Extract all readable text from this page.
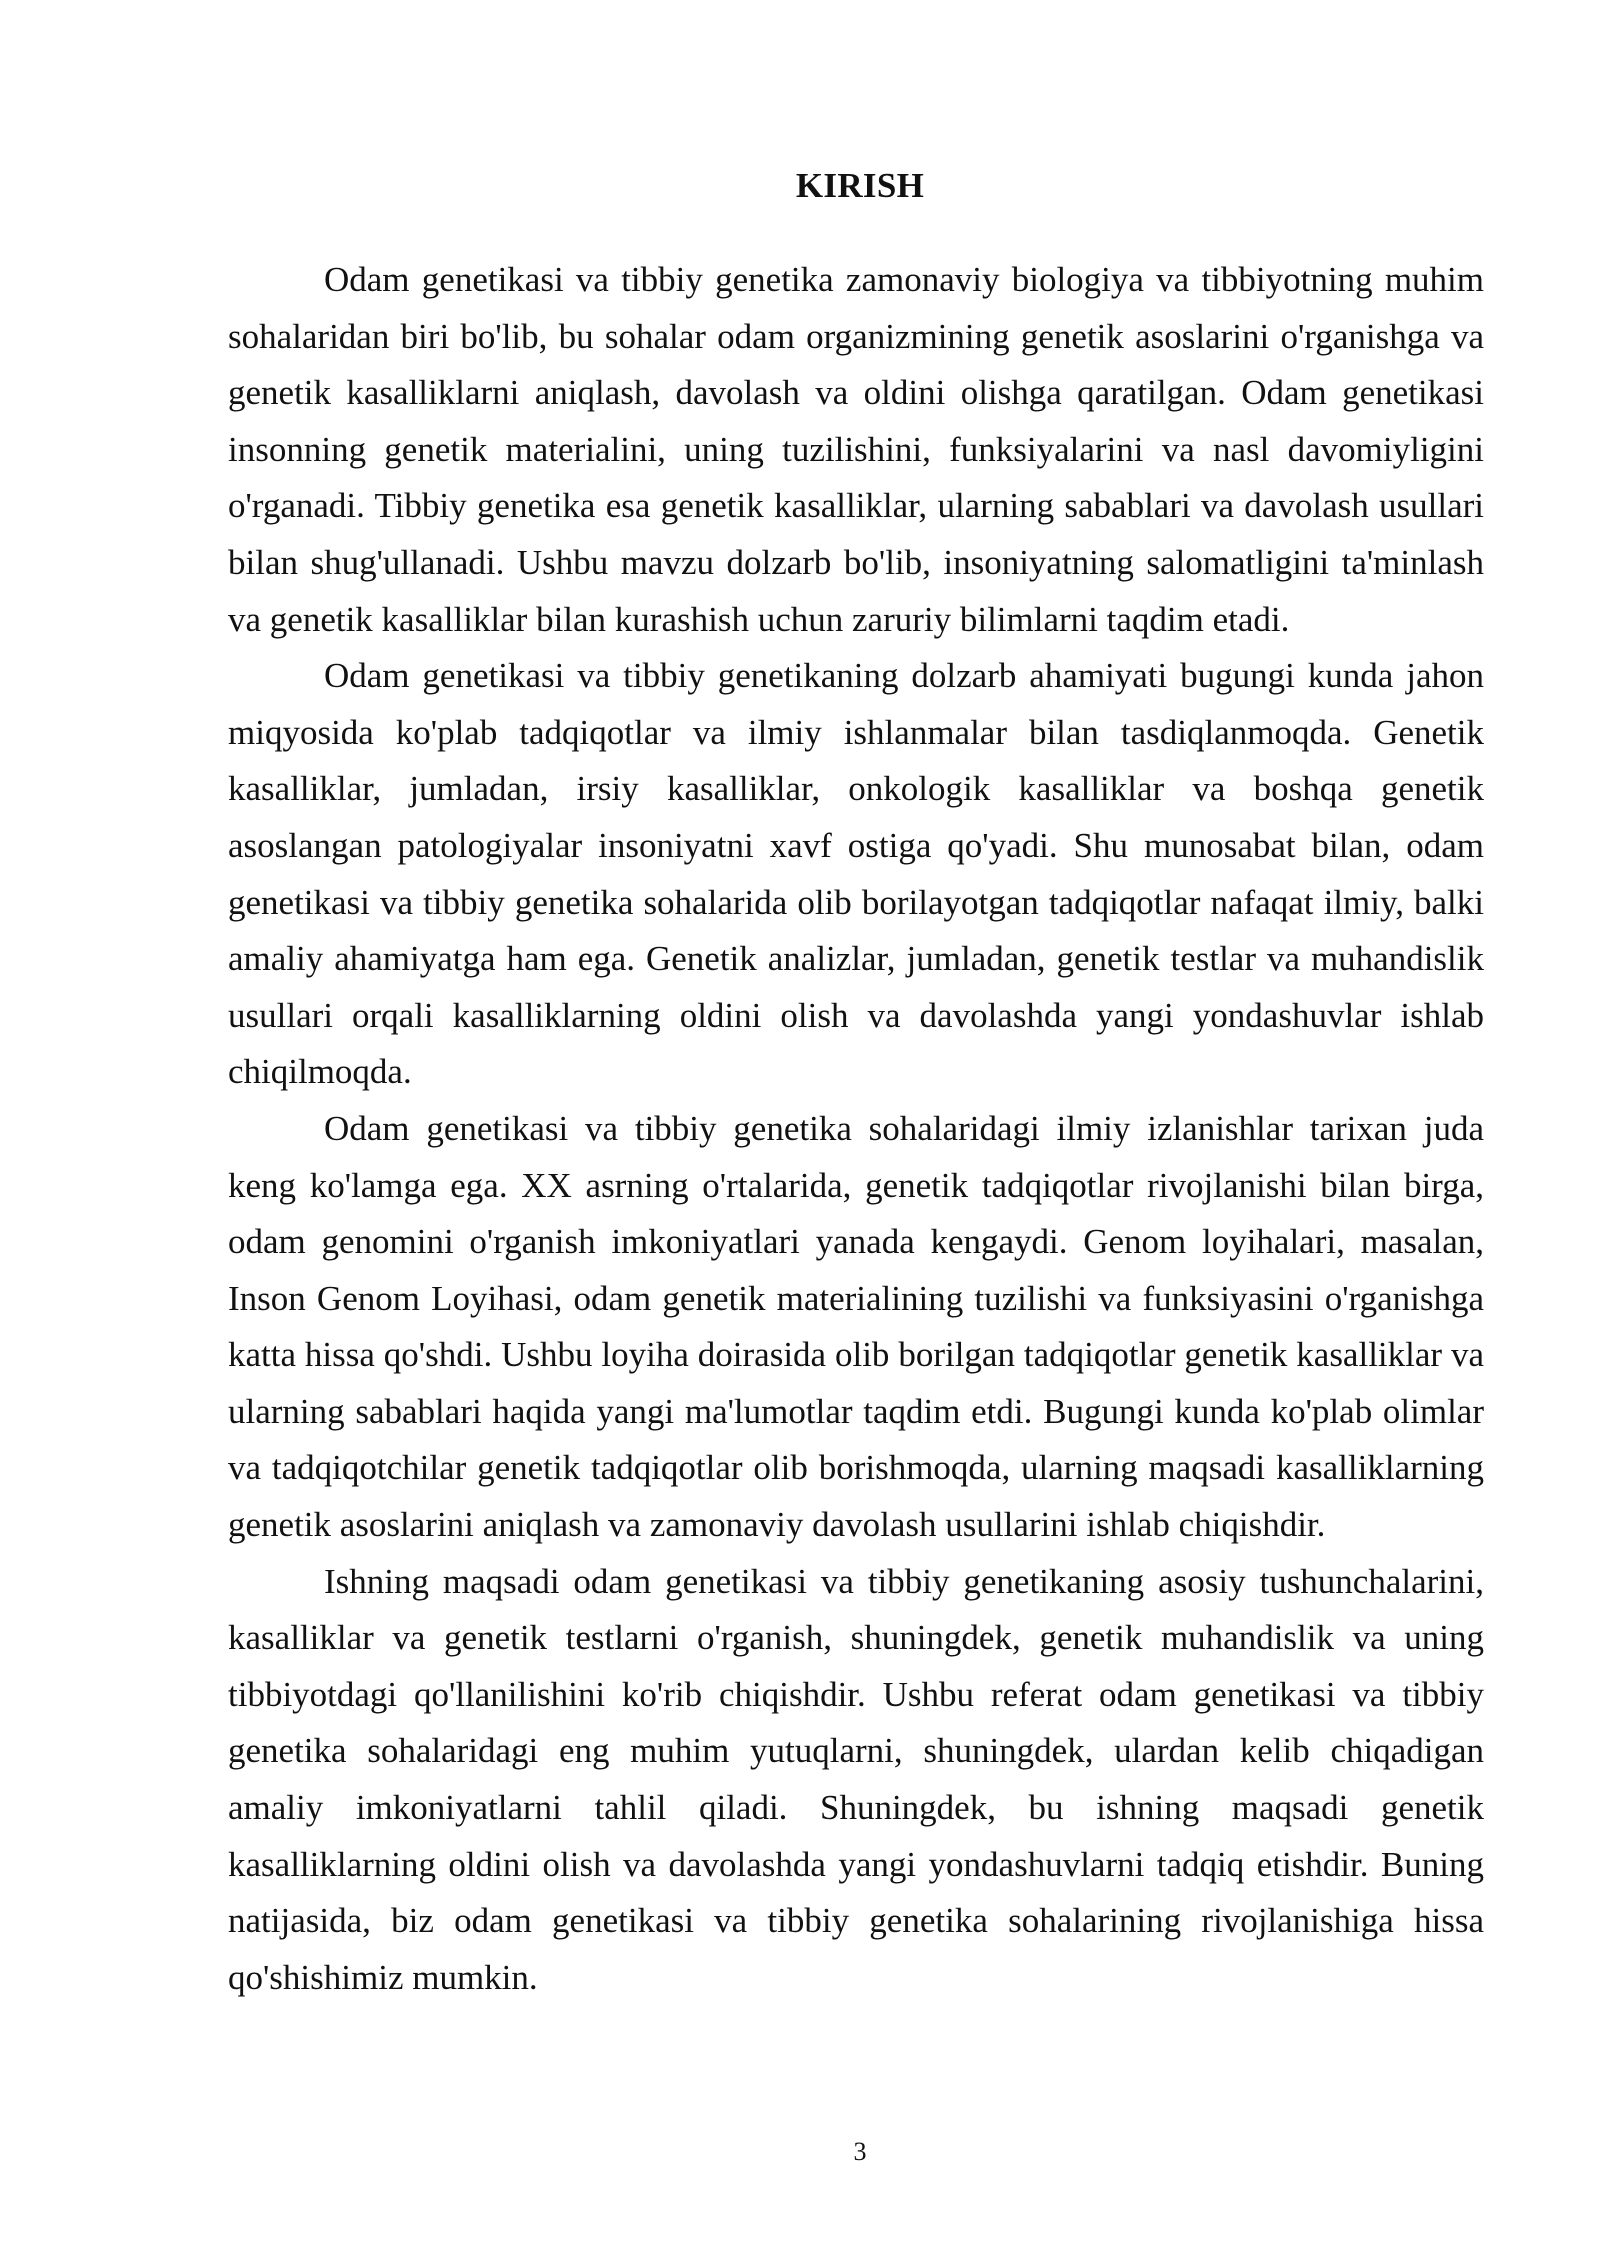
KIRISH

Odam genetikasi va tibbiy genetika zamonaviy biologiya va tibbiyotning muhim sohalaridan biri bo'lib, bu sohalar odam organizmining genetik asoslarini o'rganishga va genetik kasalliklarni aniqlash, davolash va oldini olishga qaratilgan. Odam genetikasi insonning genetik materialini, uning tuzilishini, funksiyalarini va nasl davomiyligini o'rganadi. Tibbiy genetika esa genetik kasalliklar, ularning sabablari va davolash usullari bilan shug'ullanadi. Ushbu mavzu dolzarb bo'lib, insoniyatning salomatligini ta'minlash va genetik kasalliklar bilan kurashish uchun zaruriy bilimlarni taqdim etadi.

Odam genetikasi va tibbiy genetikaning dolzarb ahamiyati bugungi kunda jahon miqyosida ko'plab tadqiqotlar va ilmiy ishlanmalar bilan tasdiqlanmoqda. Genetik kasalliklar, jumladan, irsiy kasalliklar, onkologik kasalliklar va boshqa genetik asoslangan patologiyalar insoniyatni xavf ostiga qo'yadi. Shu munosabat bilan, odam genetikasi va tibbiy genetika sohalarida olib borilayotgan tadqiqotlar nafaqat ilmiy, balki amaliy ahamiyatga ham ega. Genetik analizlar, jumladan, genetik testlar va muhandislik usullari orqali kasalliklarning oldini olish va davolashda yangi yondashuvlar ishlab chiqilmoqda.

Odam genetikasi va tibbiy genetika sohalaridagi ilmiy izlanishlar tarixan juda keng ko'lamga ega. XX asrning o'rtalarida, genetik tadqiqotlar rivojlanishi bilan birga, odam genomini o'rganish imkoniyatlari yanada kengaydi. Genom loyihalari, masalan, Inson Genom Loyihasi, odam genetik materialining tuzilishi va funksiyasini o'rganishga katta hissa qo'shdi. Ushbu loyiha doirasida olib borilgan tadqiqotlar genetik kasalliklar va ularning sabablari haqida yangi ma'lumotlar taqdim etdi. Bugungi kunda ko'plab olimlar va tadqiqotchilar genetik tadqiqotlar olib borishmoqda, ularning maqsadi kasalliklarning genetik asoslarini aniqlash va zamonaviy davolash usullarini ishlab chiqishdir.

Ishning maqsadi odam genetikasi va tibbiy genetikaning asosiy tushunchalarini, kasalliklar va genetik testlarni o'rganish, shuningdek, genetik muhandislik va uning tibbiyotdagi qo'llanilishini ko'rib chiqishdir. Ushbu referat odam genetikasi va tibbiy genetika sohalaridagi eng muhim yutuqlarni, shuningdek, ulardan kelib chiqadigan amaliy imkoniyatlarni tahlil qiladi. Shuningdek, bu ishning maqsadi genetik kasalliklarning oldini olish va davolashda yangi yondashuvlarni tadqiq etishdir. Buning natijasida, biz odam genetikasi va tibbiy genetika sohalarining rivojlanishiga hissa qo'shishimiz mumkin.

3
